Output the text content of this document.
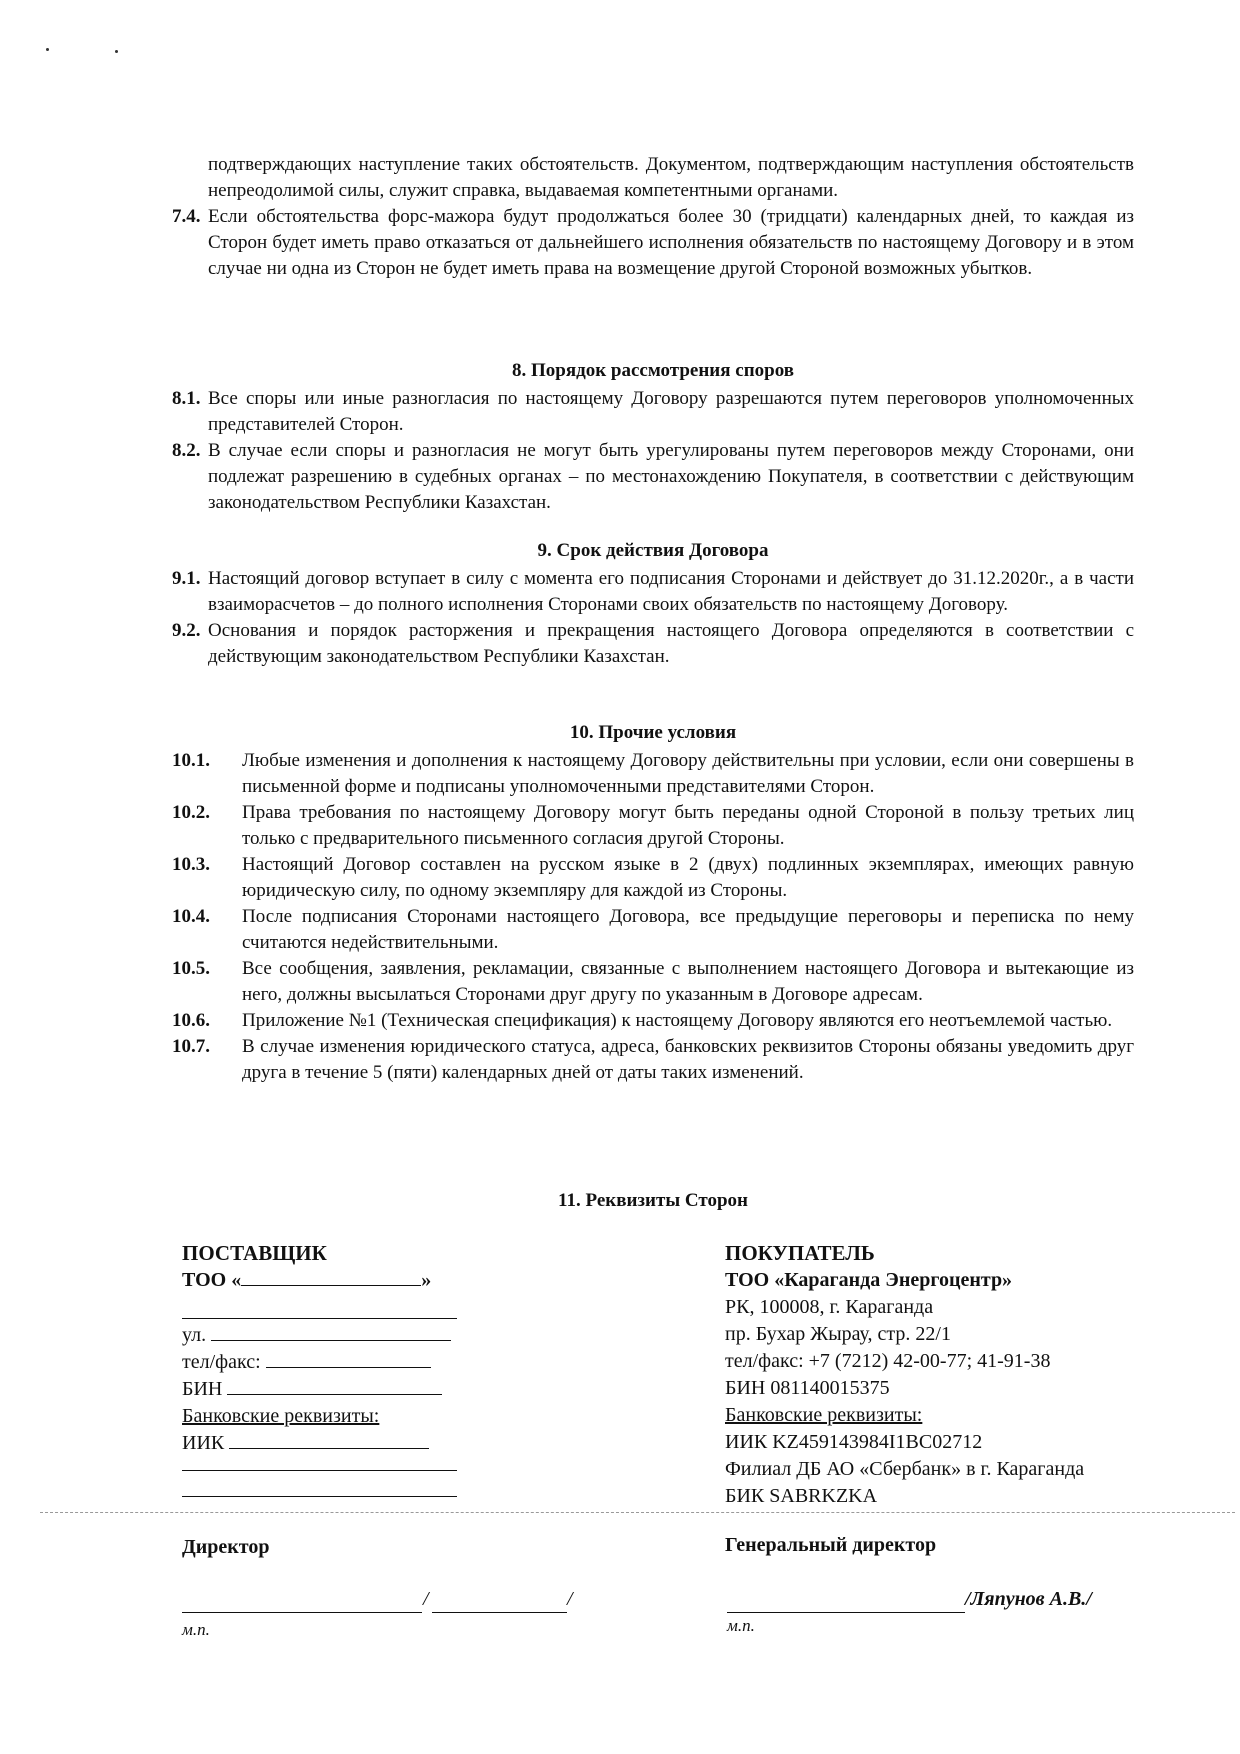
подтверждающих наступление таких обстоятельств. Документом, подтверждающим наступления обстоятельств непреодолимой силы, служит справка, выдаваемая компетентными органами.
7.4. Если обстоятельства форс-мажора будут продолжаться более 30 (тридцати) календарных дней, то каждая из Сторон будет иметь право отказаться от дальнейшего исполнения обязательств по настоящему Договору и в этом случае ни одна из Сторон не будет иметь права на возмещение другой Стороной возможных убытков.
8. Порядок рассмотрения споров
8.1. Все споры или иные разногласия по настоящему Договору разрешаются путем переговоров уполномоченных представителей Сторон.
8.2. В случае если споры и разногласия не могут быть урегулированы путем переговоров между Сторонами, они подлежат разрешению в судебных органах – по местонахождению Покупателя, в соответствии с действующим законодательством Республики Казахстан.
9. Срок действия Договора
9.1. Настоящий договор вступает в силу с момента его подписания Сторонами и действует до 31.12.2020г., а в части взаиморасчетов – до полного исполнения Сторонами своих обязательств по настоящему Договору.
9.2. Основания и порядок расторжения и прекращения настоящего Договора определяются в соответствии с действующим законодательством Республики Казахстан.
10. Прочие условия
10.1.	Любые изменения и дополнения к настоящему Договору действительны при условии, если они совершены в письменной форме и подписаны уполномоченными представителями Сторон.
10.2.	Права требования по настоящему Договору могут быть переданы одной Стороной в пользу третьих лиц только с предварительного письменного согласия другой Стороны.
10.3.	Настоящий Договор составлен на русском языке в 2 (двух) подлинных экземплярах, имеющих равную юридическую силу, по одному экземпляру для каждой из Стороны.
10.4.	После подписания Сторонами настоящего Договора, все предыдущие переговоры и переписка по нему считаются недействительными.
10.5.	Все сообщения, заявления, рекламации, связанные с выполнением настоящего Договора и вытекающие из него, должны высылаться Сторонами друг другу по указанным в Договоре адресам.
10.6.	Приложение №1 (Техническая спецификация) к настоящему Договору являются его неотъемлемой частью.
10.7.	В случае изменения юридического статуса, адреса, банковских реквизитов Стороны обязаны уведомить друг друга в течение 5 (пяти) календарных дней от даты таких изменений.
11. Реквизиты Сторон
ПОСТАВЩИК
ТОО «	»
ул.
тел/факс:
БИН
Банковские реквизиты:
ИИК
ПОКУПАТЕЛЬ
ТОО «Караганда Энергоцентр»
РК, 100008, г. Караганда
пр. Бухар Жырау, стр. 22/1
тел/факс: +7 (7212) 42-00-77; 41-91-38
БИН 081140015375
Банковские реквизиты:
ИИК KZ459143984I1BC02712
Филиал ДБ АО «Сбербанк» в г. Караганда
БИК SABRKZKA
Директор	Генеральный директор
/	/	/Ляпунов А.В./
м.п.	м.п.
